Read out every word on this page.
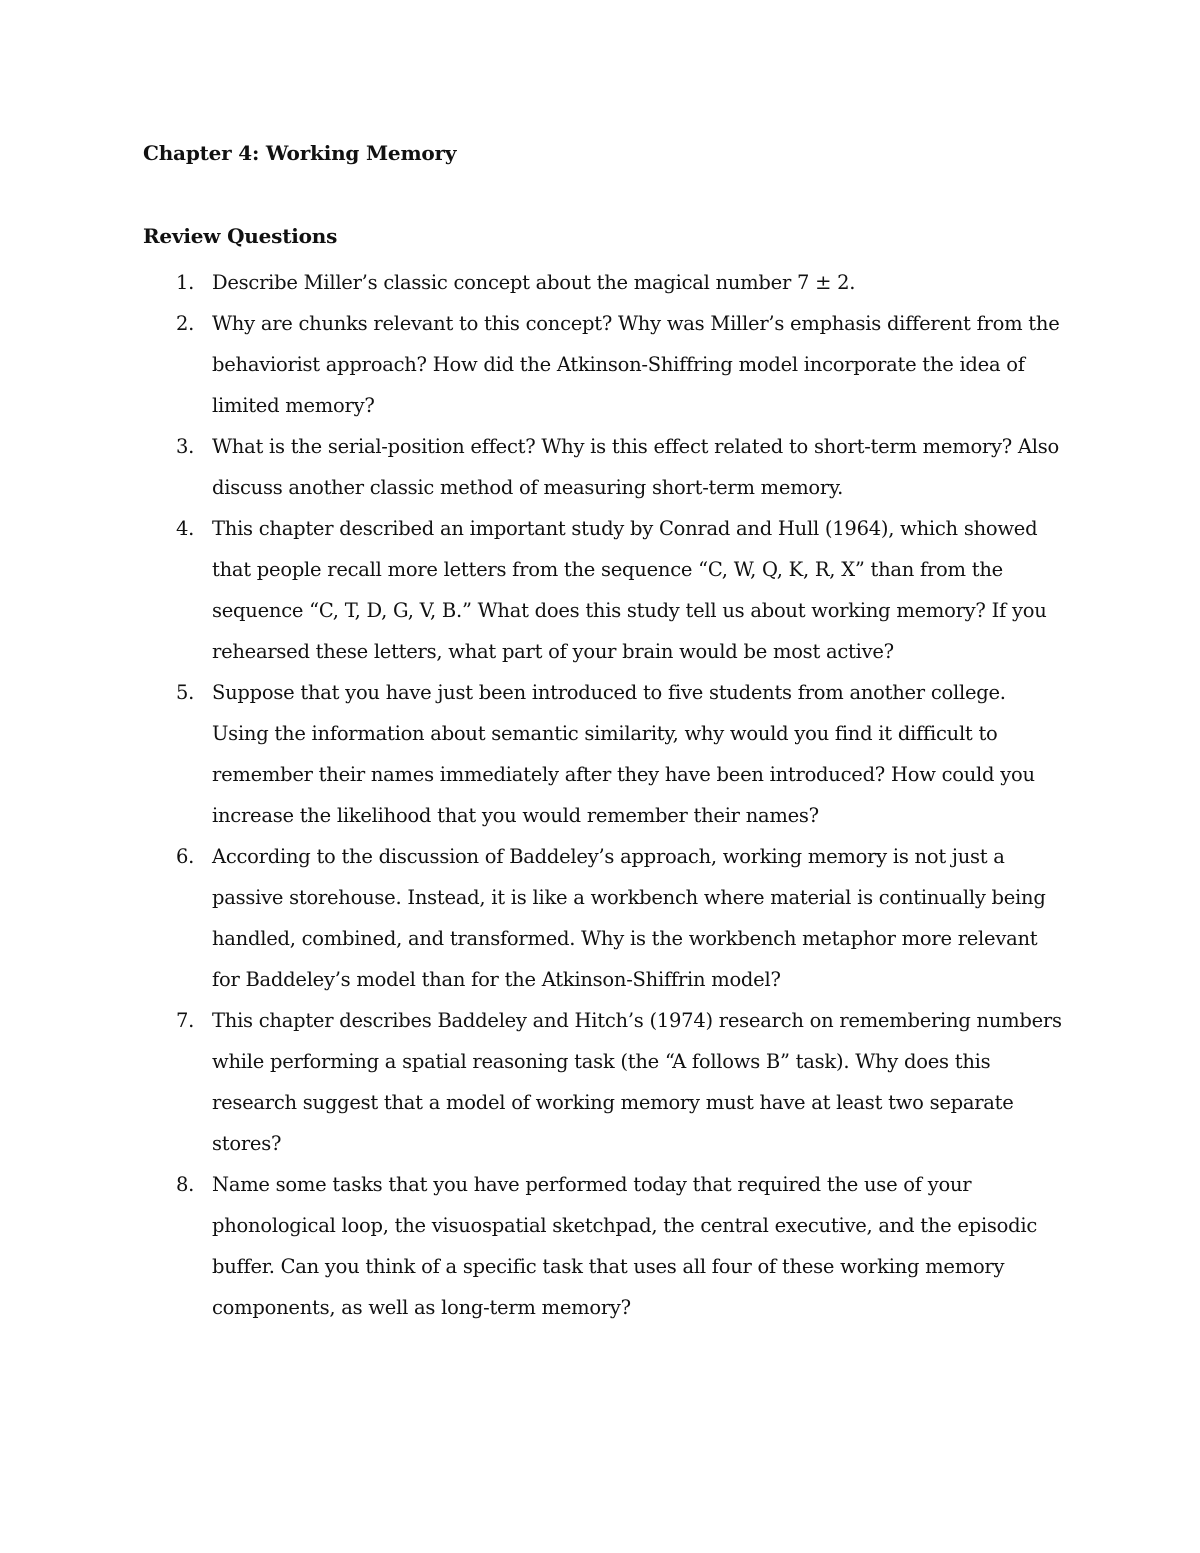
Chapter 4: Working Memory
Review Questions
1. Describe Miller’s classic concept about the magical number 7 ± 2.
2. Why are chunks relevant to this concept? Why was Miller’s emphasis different from the behaviorist approach? How did the Atkinson-Shiffring model incorporate the idea of limited memory?
3. What is the serial-position effect? Why is this effect related to short-term memory? Also discuss another classic method of measuring short-term memory.
4. This chapter described an important study by Conrad and Hull (1964), which showed that people recall more letters from the sequence “C, W, Q, K, R, X” than from the sequence “C, T, D, G, V, B.” What does this study tell us about working memory? If you rehearsed these letters, what part of your brain would be most active?
5. Suppose that you have just been introduced to five students from another college. Using the information about semantic similarity, why would you find it difficult to remember their names immediately after they have been introduced? How could you increase the likelihood that you would remember their names?
6. According to the discussion of Baddeley’s approach, working memory is not just a passive storehouse. Instead, it is like a workbench where material is continually being handled, combined, and transformed. Why is the workbench metaphor more relevant for Baddeley’s model than for the Atkinson-Shiffrin model?
7. This chapter describes Baddeley and Hitch’s (1974) research on remembering numbers while performing a spatial reasoning task (the “A follows B” task). Why does this research suggest that a model of working memory must have at least two separate stores?
8. Name some tasks that you have performed today that required the use of your phonological loop, the visuospatial sketchpad, the central executive, and the episodic buffer. Can you think of a specific task that uses all four of these working memory components, as well as long-term memory?
